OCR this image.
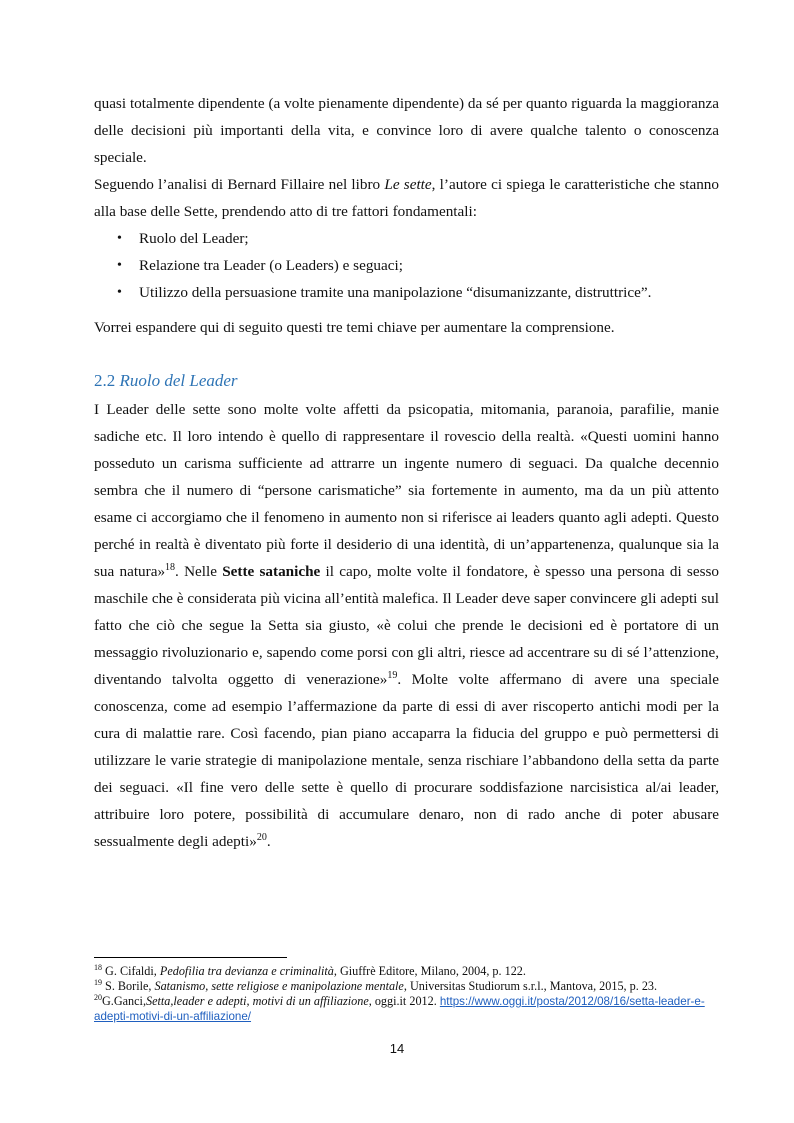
quasi totalmente dipendente (a volte pienamente dipendente) da sé per quanto riguarda la maggioranza delle decisioni più importanti della vita, e convince loro di avere qualche talento o conoscenza speciale.

Seguendo l’analisi di Bernard Fillaire nel libro Le sette, l’autore ci spiega le caratteristiche che stanno alla base delle Sette, prendendo atto di tre fattori fondamentali:

• Ruolo del Leader;
• Relazione tra Leader (o Leaders) e seguaci;
• Utilizzo della persuasione tramite una manipolazione “disumanizzante, distruttrice”.

Vorrei espandere qui di seguito questi tre temi chiave per aumentare la comprensione.

2.2 Ruolo del Leader

I Leader delle sette sono molte volte affetti da psicopatia, mitomania, paranoia, parafilie, manie sadiche etc. Il loro intendo è quello di rappresentare il rovescio della realtà. «Questi uomini hanno posseduto un carisma sufficiente ad attrarre un ingente numero di seguaci. Da qualche decennio sembra che il numero di “persone carismatiche” sia fortemente in aumento, ma da un più attento esame ci accorgiamo che il fenomeno in aumento non si riferisce ai leaders quanto agli adepti. Questo perché in realtà è diventato più forte il desiderio di una identità, di un’appartenenza, qualunque sia la sua natura»$^{18}$. Nelle Sette sataniche il capo, molte volte il fondatore, è spesso una persona di sesso maschile che è considerata più vicina all’entità malefica. Il Leader deve saper convincere gli adepti sul fatto che ciò che segue la Setta sia giusto, «è colui che prende le decisioni ed è portatore di un messaggio rivoluzionario e, sapendo come porsi con gli altri, riesce ad accentrare su di sé l’attenzione, diventando talvolta oggetto di venerazione»$^{19}$. Molte volte affermano di avere una speciale conoscenza, come ad esempio l’affermazione da parte di essi di aver riscoperto antichi modi per la cura di malattie rare. Così facendo, pian piano accaparra la fiducia del gruppo e può permettersi di utilizzare le varie strategie di manipolazione mentale, senza rischiare l’abbandono della setta da parte dei seguaci. «Il fine vero delle sette è quello di procurare soddisfazione narcisistica al/ai leader, attribuire loro potere, possibilità di accumulare denaro, non di rado anche di poter abusare sessualmente degli adepti»$^{20}$.

$^{18}$ G. Cifaldi, Pedofilia tra devianza e criminalità, Giuffrè Editore, Milano, 2004, p. 122.
$^{19}$ S. Borile, Satanismo, sette religiose e manipolazione mentale, Universitas Studiorum s.r.l., Mantova, 2015, p. 23.
$^{20}$G.Ganci,Setta,leader e adepti, motivi di un affiliazione, oggi.it 2012. https://www.oggi.it/posta/2012/08/16/setta-leader-e-adepti-motivi-di-un-affiliazione/
14
